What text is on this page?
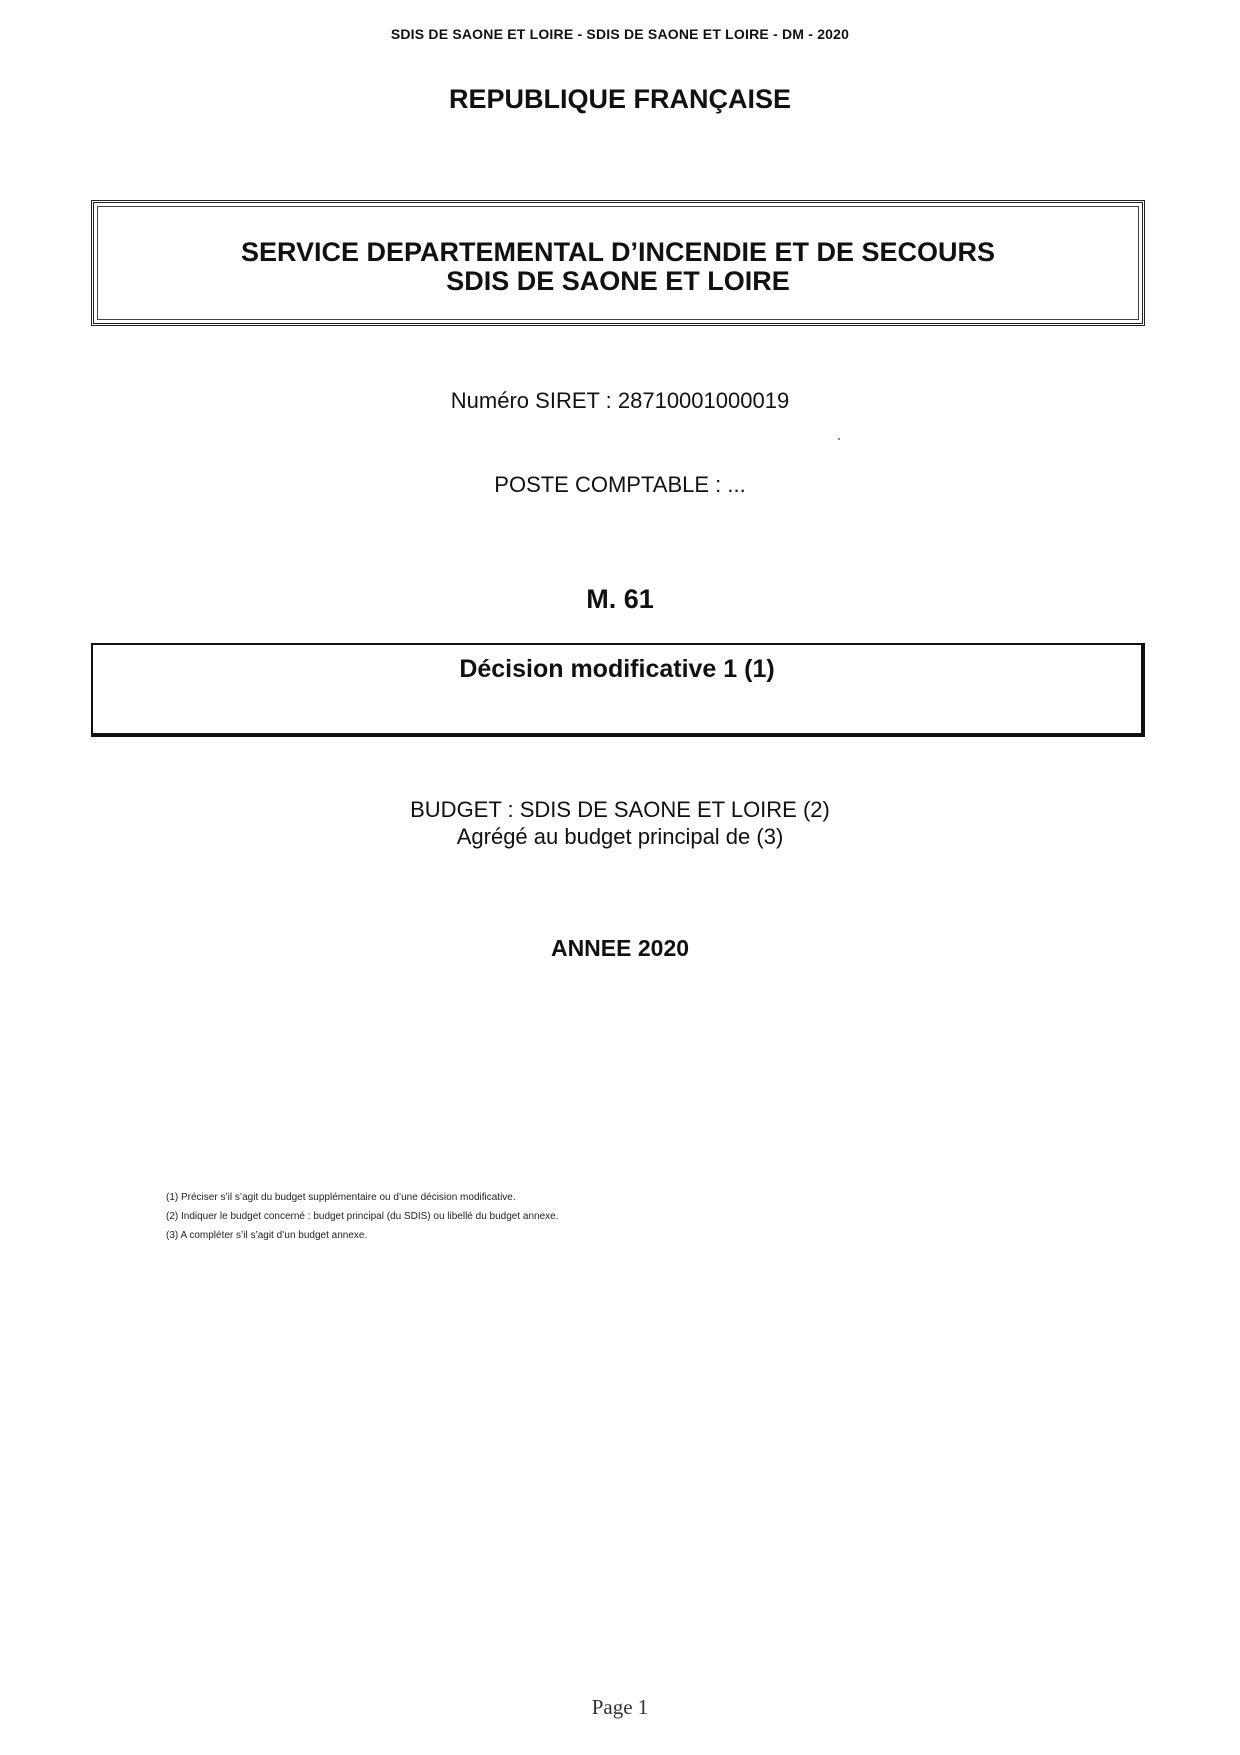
SDIS DE SAONE ET LOIRE - SDIS DE SAONE ET LOIRE - DM - 2020
REPUBLIQUE FRANÇAISE
SERVICE DEPARTEMENTAL D’INCENDIE ET DE SECOURS
SDIS DE SAONE ET LOIRE
Numéro SIRET : 28710001000019
POSTE COMPTABLE : ...
M. 61
Décision modificative 1 (1)
BUDGET : SDIS DE SAONE ET LOIRE (2)
Agrégé au budget principal de (3)
ANNEE 2020
(1) Préciser s’il s’agit du budget supplémentaire ou d’une décision modificative.
(2) Indiquer le budget concerné : budget principal (du SDIS) ou libellé du budget annexe.
(3) A compléter s’il s’agit d’un budget annexe.
Page 1
